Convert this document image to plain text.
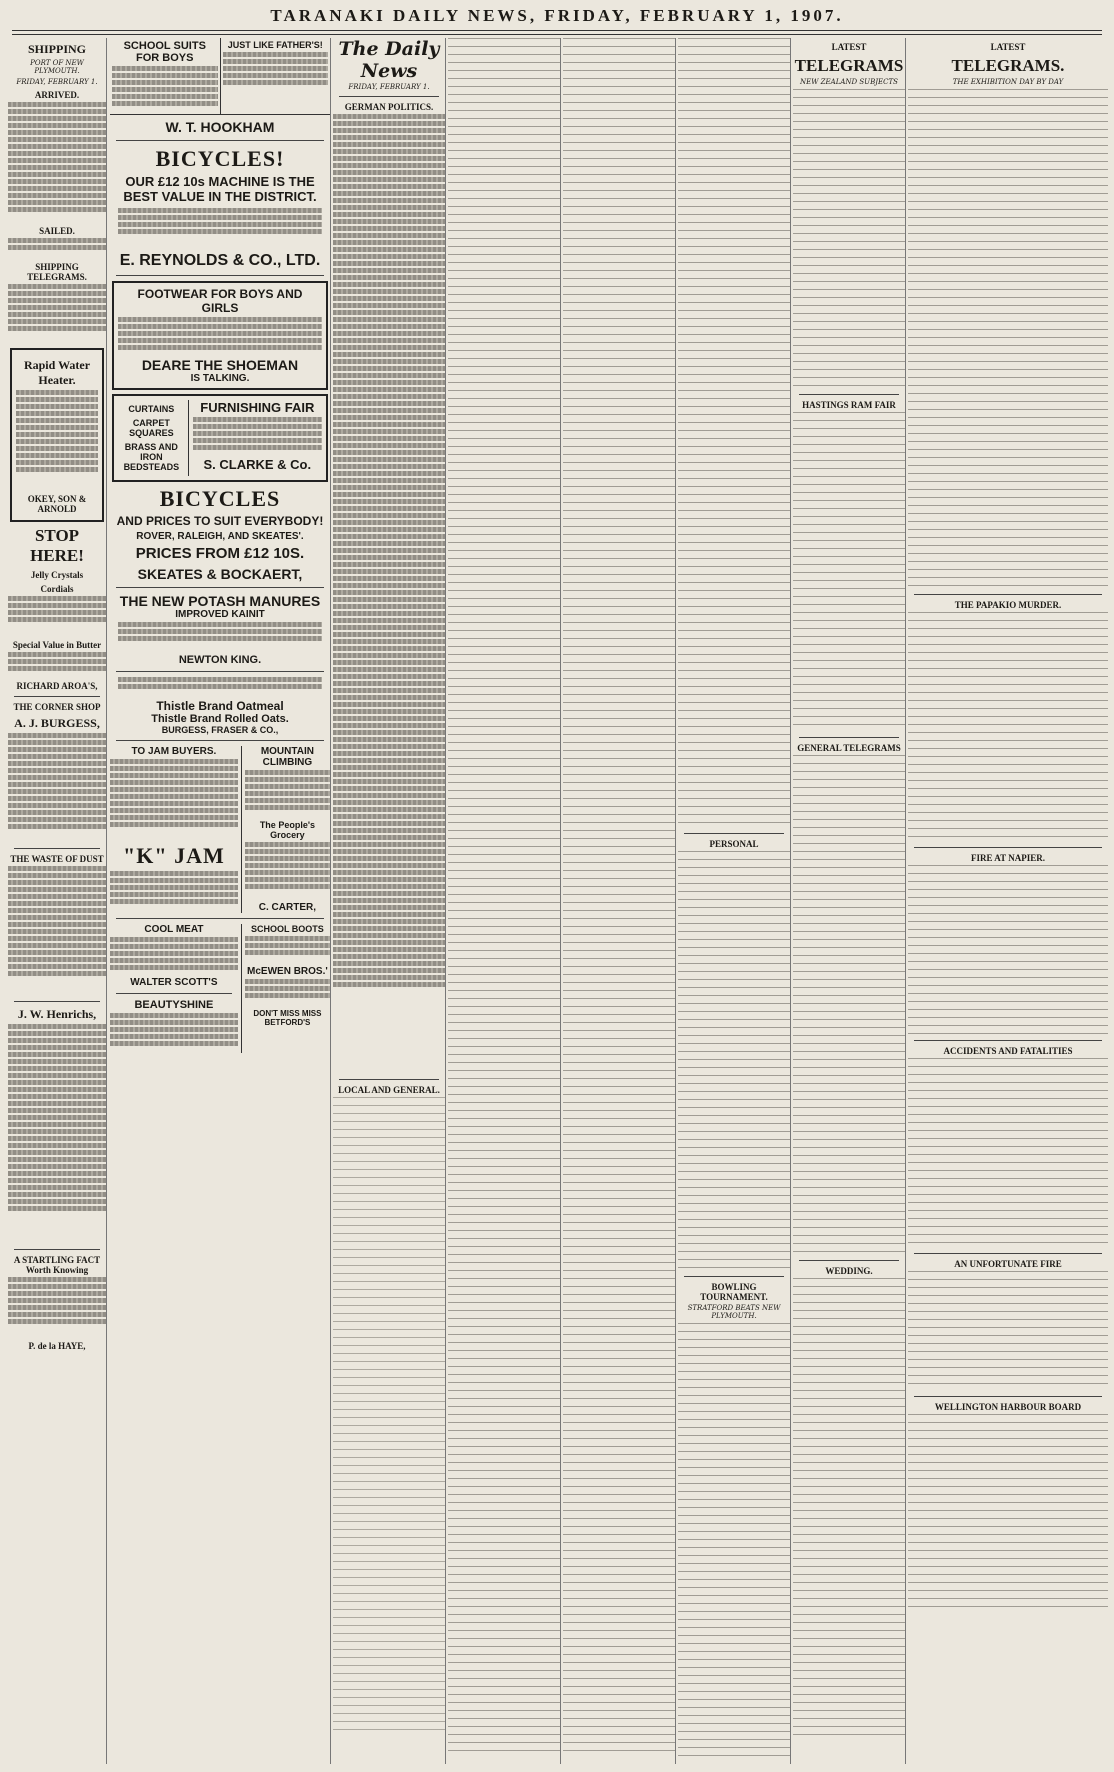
TARANAKI DAILY NEWS, FRIDAY, FEBRUARY 1, 1907.
SHIPPING
PORT OF NEW PLYMOUTH.
FRIDAY, FEBRUARY 1.
ARRIVED.
SAILED.
SHIPPING TELEGRAMS.
Rapid Water Heater.
OKEY, SON & ARNOLD
STOP HERE!
Jelly Crystals
Cordials
Special Value in Butter
RICHARD AROA'S,
THE CORNER SHOP
A. J. BURGESS,
THE WASTE OF DUST
J. W. Henrichs,
A STARTLING FACT Worth Knowing
P. de la HAYE,
SCHOOL SUITS FOR BOYS
JUST LIKE FATHER'S!
W. T. HOOKHAM
BICYCLES!
OUR £12 10s MACHINE IS THE BEST VALUE IN THE DISTRICT.
E. REYNOLDS & CO., LTD.
FOOTWEAR FOR BOYS AND GIRLS
DEARE THE SHOEMAN
IS TALKING.
CURTAINS
CARPET SQUARES
BRASS AND IRON BEDSTEADS
FURNISHING FAIR
S. CLARKE & Co.
BICYCLES
AND PRICES TO SUIT EVERYBODY!
ROVER, RALEIGH, AND SKEATES'.
PRICES FROM £12 10S.
SKEATES & BOCKAERT,
THE NEW POTASH MANURES
IMPROVED KAINIT
NEWTON KING.
Thistle Brand Oatmeal
Thistle Brand Rolled Oats.
BURGESS, FRASER & CO.,
TO JAM BUYERS.
"K" JAM
MOUNTAIN CLIMBING
The People's Grocery
C. CARTER,
COOL MEAT
WALTER SCOTT'S
BEAUTYSHINE
SCHOOL BOOTS
McEWEN BROS.'
DON'T MISS MISS BETFORD'S
The Daily News
FRIDAY, FEBRUARY 1.
GERMAN POLITICS.
LOCAL AND GENERAL.
PERSONAL
BOWLING TOURNAMENT.
STRATFORD BEATS NEW PLYMOUTH.
LATEST
TELEGRAMS
NEW ZEALAND SUBJECTS
HASTINGS RAM FAIR
GENERAL TELEGRAMS
WEDDING.
LATEST
TELEGRAMS.
THE EXHIBITION DAY BY DAY
THE PAPAKIO MURDER.
FIRE AT NAPIER.
ACCIDENTS AND FATALITIES
AN UNFORTUNATE FIRE
WELLINGTON HARBOUR BOARD
